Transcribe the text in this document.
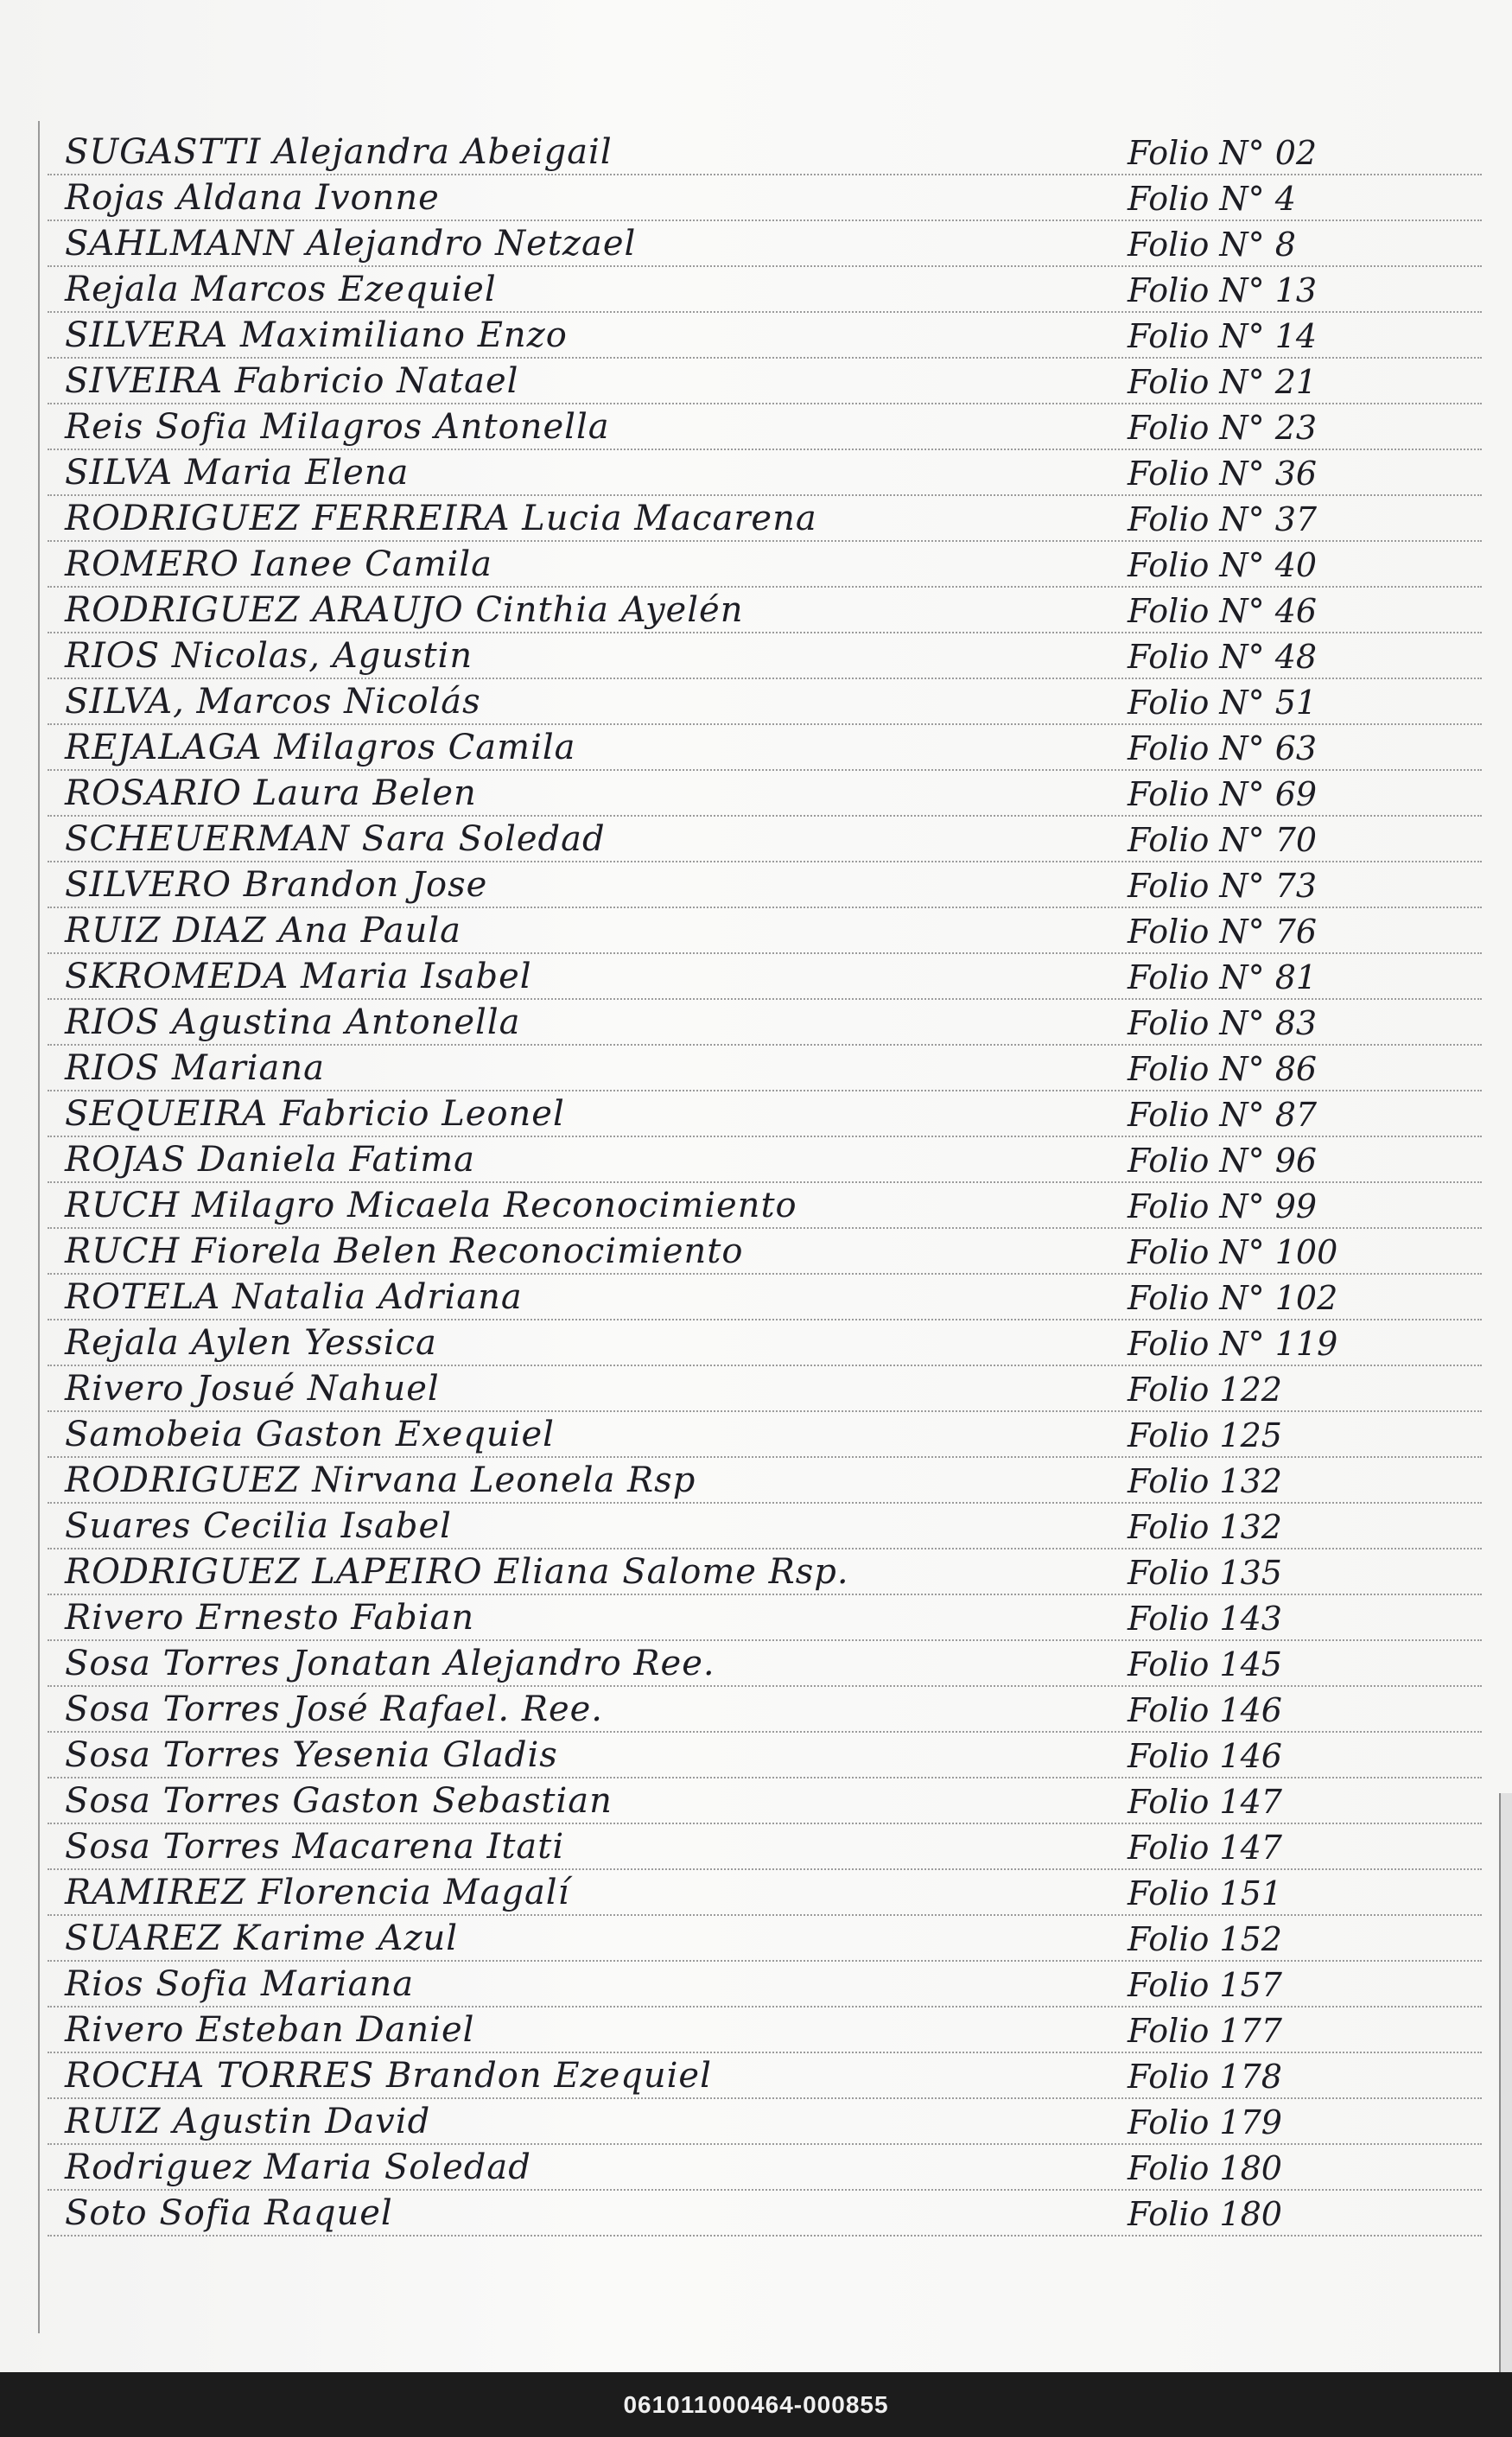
SUGASTTI Alejandra Abeigail	Folio N° 02
Rojas Aldana Ivonne	Folio N° 4
SAHLMANN Alejandro Netzael	Folio N° 8
Rejala Marcos Ezequiel	Folio N° 13
SILVERA Maximiliano Enzo	Folio N° 14
SIVEIRA Fabricio Natael	Folio N° 21
Reis Sofia Milagros Antonella	Folio N° 23
SILVA Maria Elena	Folio N° 36
RODRIGUEZ FERREIRA Lucia Macarena	Folio N° 37
ROMERO Ianee Camila	Folio N° 40
RODRIGUEZ ARAUJO Cinthia Ayelén	Folio N° 46
RIOS Nicolas, Agustin	Folio N° 48
SILVA, Marcos Nicolás	Folio N° 51
REJALAGA Milagros Camila	Folio N° 63
ROSARIO Laura Belen	Folio N° 69
SCHEUERMAN Sara Soledad	Folio N° 70
SILVERO Brandon Jose	Folio N° 73
RUIZ DIAZ Ana Paula	Folio N° 76
SKROMEDA Maria Isabel	Folio N° 81
RIOS Agustina Antonella	Folio N° 83
RIOS Mariana	Folio N° 86
SEQUEIRA Fabricio Leonel	Folio N° 87
ROJAS Daniela Fatima	Folio N° 96
RUCH Milagro Micaela Reconocimiento	Folio N° 99
RUCH Fiorela Belen Reconocimiento	Folio N° 100
ROTELA Natalia Adriana	Folio N° 102
Rejala Aylen Yessica	Folio N° 119
Rivero Josué Nahuel	Folio 122
Samobeia Gaston Exequiel	Folio 125
RODRIGUEZ Nirvana Leonela Rsp	Folio 132
Suares Cecilia Isabel	Folio 132
RODRIGUEZ LAPEIRO Eliana Salome Rsp.	Folio 135
Rivero Ernesto Fabian	Folio 143
Sosa Torres Jonatan Alejandro Ree.	Folio 145
Sosa Torres José Rafael. Ree.	Folio 146
Sosa Torres Yesenia Gladis	Folio 146
Sosa Torres Gaston Sebastian	Folio 147
Sosa Torres Macarena Itati	Folio 147
RAMIREZ Florencia Magalí	Folio 151
SUAREZ Karime Azul	Folio 152
Rios Sofia Mariana	Folio 157
Rivero Esteban Daniel	Folio 177
ROCHA TORRES Brandon Ezequiel	Folio 178
RUIZ Agustin David	Folio 179
Rodriguez Maria Soledad	Folio 180
Soto Sofia Raquel	Folio 180
061011000464-000855
